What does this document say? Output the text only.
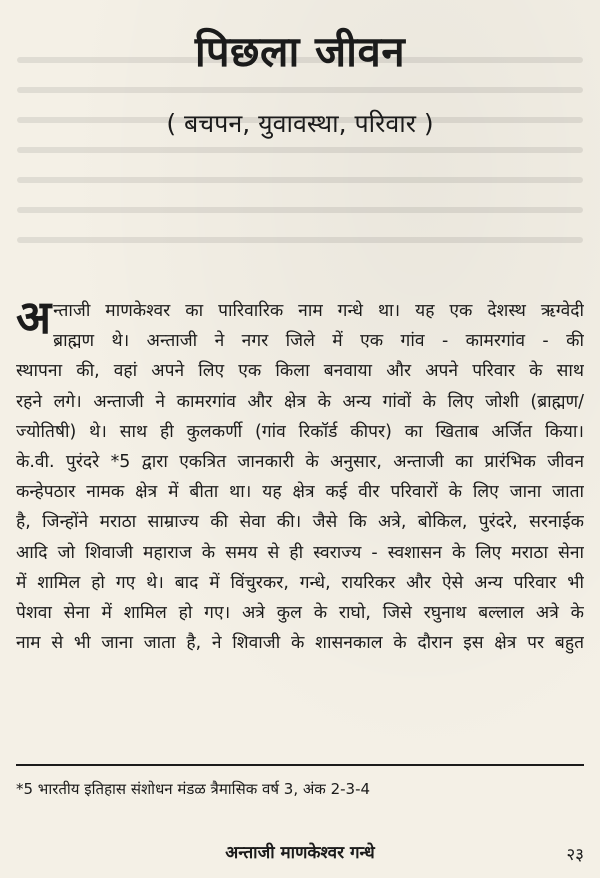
पिछला जीवन
( बचपन, युवावस्था, परिवार )
अ न्ताजी माणकेश्वर का पारिवारिक नाम गन्धे था। यह एक देशस्थ ऋग्वेदी
ब्राह्मण थे। अन्ताजी ने नगर जिले में एक गांव - कामरगांव - की
स्थापना की, वहां अपने लिए एक किला बनवाया और अपने परिवार के साथ
रहने लगे। अन्ताजी ने कामरगांव और क्षेत्र के अन्य गांवों के लिए जोशी (ब्राह्मण/
ज्योतिषी) थे। साथ ही कुलकर्णी (गांव रिकॉर्ड कीपर) का खिताब अर्जित किया।
के.वी. पुरंदरे *5 द्वारा एकत्रित जानकारी के अनुसार, अन्ताजी का प्रारंभिक जीवन
कन्हेपठार नामक क्षेत्र में बीता था। यह क्षेत्र कई वीर परिवारों के लिए जाना जाता
है, जिन्होंने मराठा साम्राज्य की सेवा की। जैसे कि अत्रे, बोकिल, पुरंदरे, सरनाईक
आदि जो शिवाजी महाराज के समय से ही स्वराज्य - स्वशासन के लिए मराठा सेना
में शामिल हो गए थे। बाद में विंचुरकर, गन्धे, रायरिकर और ऐसे अन्य परिवार भी
पेशवा सेना में शामिल हो गए। अत्रे कुल के राघो, जिसे रघुनाथ बल्लाल अत्रे के
नाम से भी जाना जाता है, ने शिवाजी के शासनकाल के दौरान इस क्षेत्र पर बहुत
*5 भारतीय इतिहास संशोधन मंडळ त्रैमासिक वर्ष 3, अंक 2-3-4
अन्ताजी माणकेश्वर गन्धे	२३
